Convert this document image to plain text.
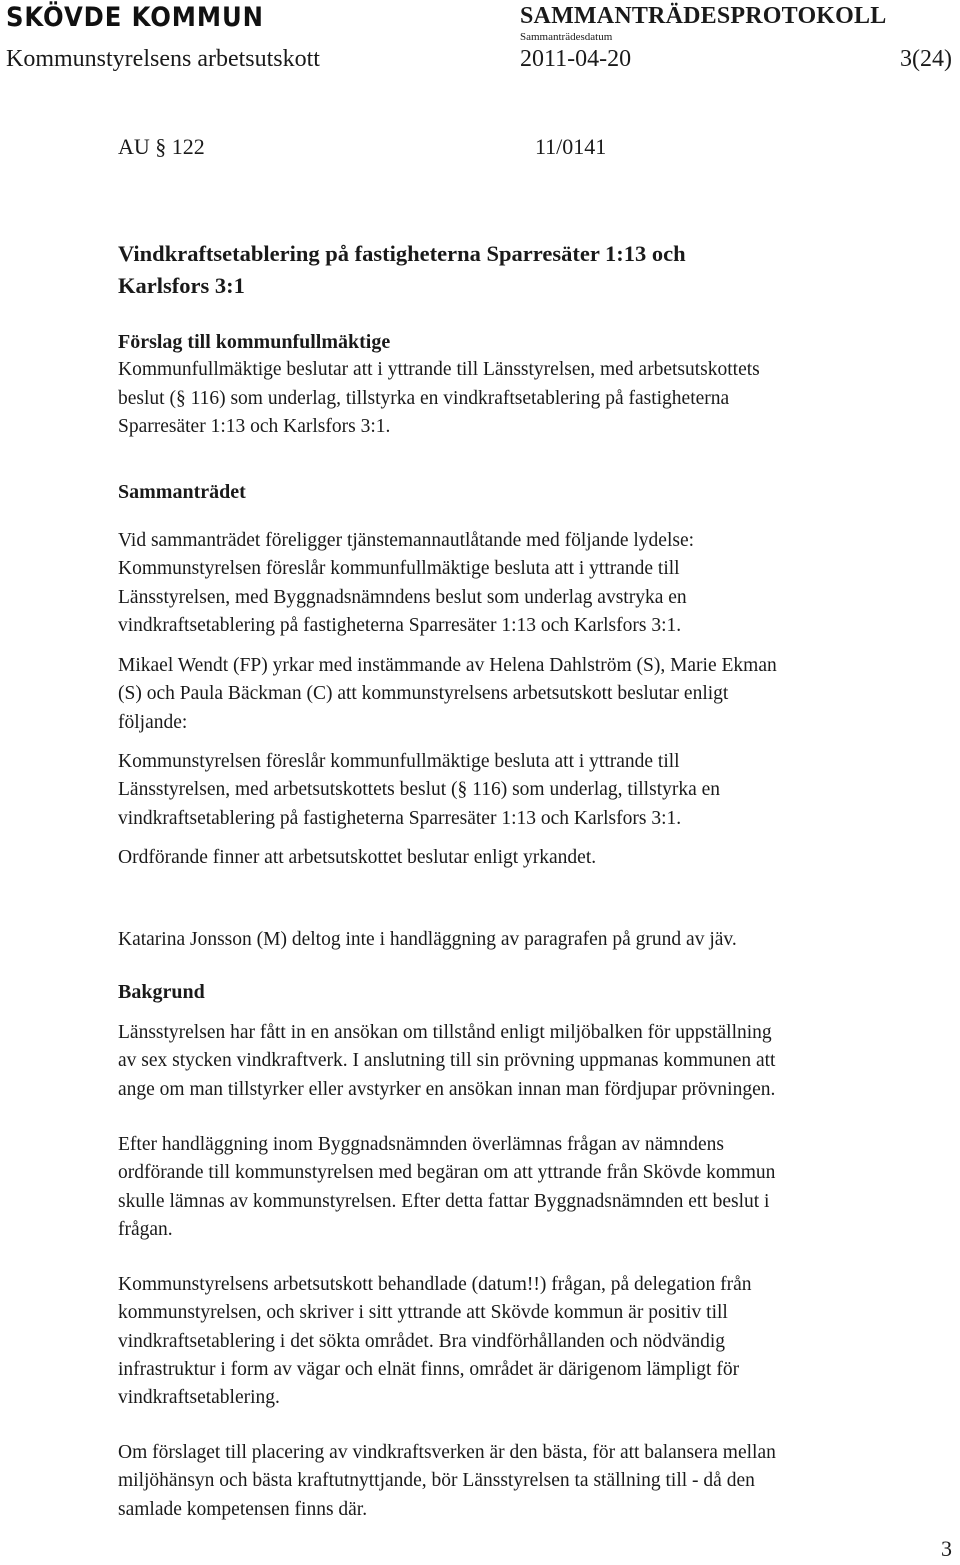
SKÖVDE KOMMUN	SAMMANTRÄDESPROTOKOLL
Sammanträdesdatum
Kommunstyrelsens arbetsutskott	2011-04-20	3(24)
AU § 122	11/0141
Vindkraftsetablering på fastigheterna Sparresäter 1:13 och
Karlsfors 3:1
Förslag till kommunfullmäktige
Kommunfullmäktige beslutar att i yttrande till Länsstyrelsen, med arbetsutskottets
beslut (§ 116) som underlag, tillstyrka en vindkraftsetablering på fastigheterna
Sparresäter 1:13 och Karlsfors 3:1.
Sammanträdet
Vid sammanträdet föreligger tjänstemannautlåtande med följande lydelse:
Kommunstyrelsen föreslår kommunfullmäktige besluta att i yttrande till
Länsstyrelsen, med Byggnadsnämndens beslut som underlag avstryka en
vindkraftsetablering på fastigheterna Sparresäter 1:13 och Karlsfors 3:1.
Mikael Wendt (FP) yrkar med instämmande av Helena Dahlström (S), Marie Ekman
(S) och Paula Bäckman (C) att kommunstyrelsens arbetsutskott beslutar enligt
följande:
Kommunstyrelsen föreslår kommunfullmäktige besluta att i yttrande till
Länsstyrelsen, med arbetsutskottets beslut (§ 116) som underlag, tillstyrka en
vindkraftsetablering på fastigheterna Sparresäter 1:13 och Karlsfors 3:1.
Ordförande finner att arbetsutskottet beslutar enligt yrkandet.
Katarina Jonsson (M) deltog inte i handläggning av paragrafen på grund av jäv.
Bakgrund
Länsstyrelsen har fått in en ansökan om tillstånd enligt miljöbalken för uppställning
av sex stycken vindkraftverk. I anslutning till sin prövning uppmanas kommunen att
ange om man tillstyrker eller avstyrker en ansökan innan man fördjupar prövningen.
Efter handläggning inom Byggnadsnämnden överlämnas frågan av nämndens
ordförande till kommunstyrelsen med begäran om att yttrande från Skövde kommun
skulle lämnas av kommunstyrelsen. Efter detta fattar Byggnadsnämnden ett beslut i
frågan.
Kommunstyrelsens arbetsutskott behandlade (datum!!) frågan, på delegation från
kommunstyrelsen, och skriver i sitt yttrande att Skövde kommun är positiv till
vindkraftsetablering i det sökta området. Bra vindförhållanden och nödvändig
infrastruktur i form av vägar och elnät finns, området är därigenom lämpligt för
vindkraftsetablering.
Om förslaget till placering av vindkraftsverken är den bästa, för att balansera mellan
miljöhänsyn och bästa kraftutnyttjande, bör Länsstyrelsen ta ställning till - då den
samlade kompetensen finns där.
3
